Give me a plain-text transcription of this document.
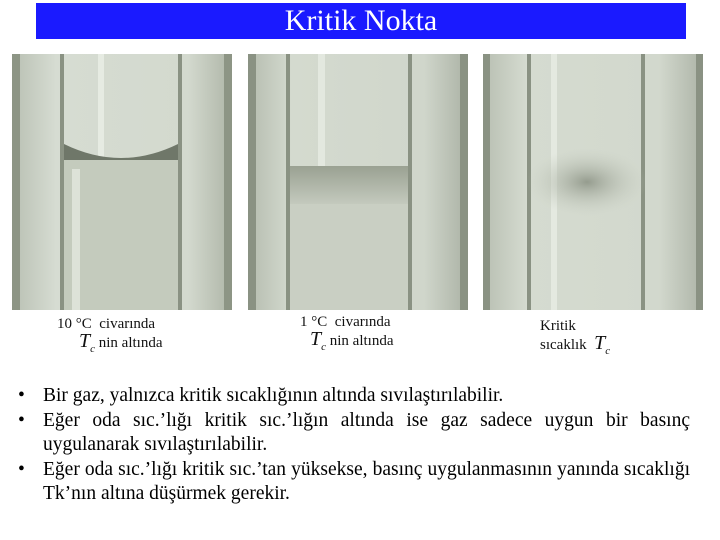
Kritik Nokta
10 °C civarında
$T_c$ nin altında
1 °C civarında
$T_c$ nin altında
Kritik
sıcaklık $T_c$
• Bir gaz, yalnızca kritik sıcaklığının altında sıvılaştırılabilir.
• Eğer oda sıc.’lığı kritik sıc.’lığın altında ise gaz sadece uygun bir basınç uygulanarak sıvılaştırılabilir.
• Eğer oda sıc.’lığı kritik sıc.’tan yüksekse, basınç uygulanmasının yanında sıcaklığı Tk’nın altına düşürmek gerekir.
